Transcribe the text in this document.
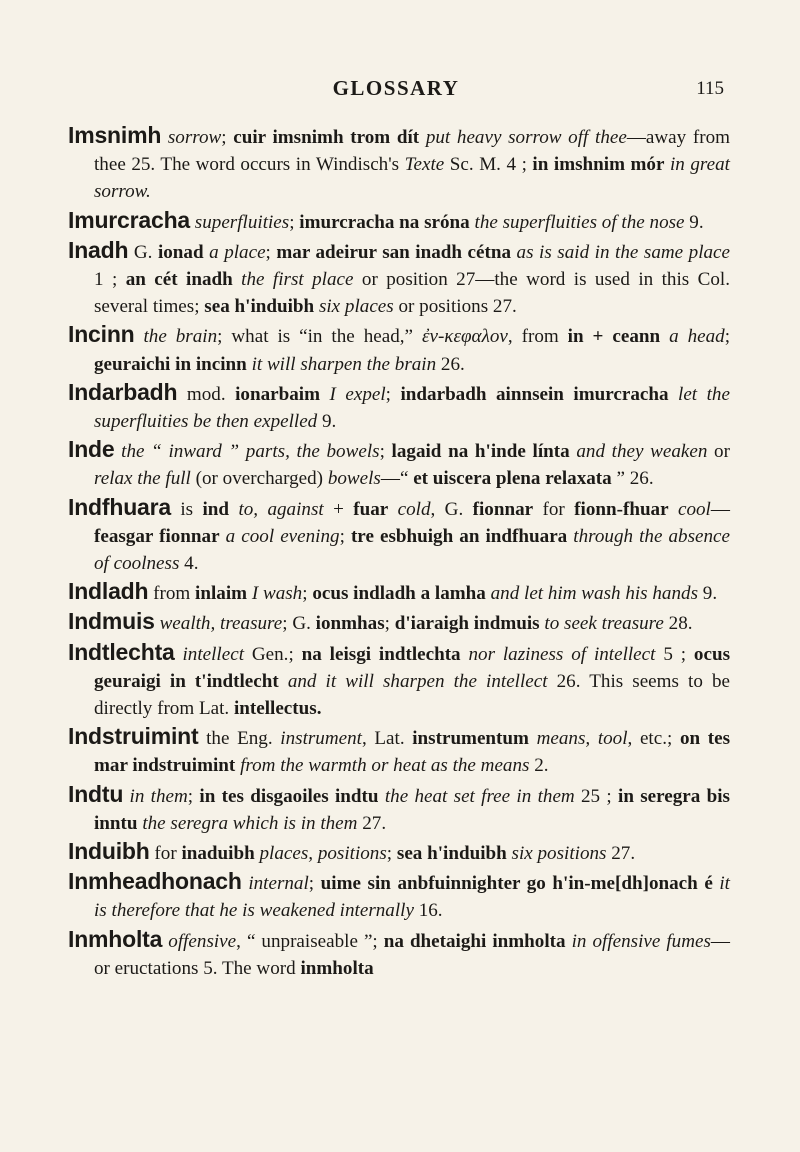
GLOSSARY	115

Imsnimh sorrow; cuir imsnimh trom dít put heavy sorrow off thee—away from thee 25. The word occurs in Windisch's Texte Sc. M. 4 ; in imshnim mór in great sorrow.

Imurcracha superfluities; imurcracha na sróna the superfluities of the nose 9.

Inadh G. ionad a place; mar adeirur san inadh cétna as is said in the same place 1 ; an cét inadh the first place or position 27—the word is used in this Col. several times; sea h'induibh six places or positions 27.

Incinn the brain; what is “in the head,” ἐν-κεφαλον, from in + ceann a head; geuraichi in incinn it will sharpen the brain 26.

Indarbadh mod. ionarbaim I expel; indarbadh ainnsein imurcracha let the superfluities be then expelled 9.

Inde the “ inward ” parts, the bowels; lagaid na h'inde línta and they weaken or relax the full (or overcharged) bowels—“ et uiscera plena relaxata ” 26.

Indfhuara is ind to, against + fuar cold, G. fionnar for fionn-fhuar cool—feasgar fionnar a cool evening; tre esbhuigh an indfhuara through the absence of coolness 4.

Indladh from inlaim I wash; ocus indladh a lamha and let him wash his hands 9.

Indmuis wealth, treasure; G. ionmhas; d'iaraigh indmuis to seek treasure 28.

Indtlechta intellect Gen.; na leisgi indtlechta nor laziness of intellect 5 ; ocus geuraigi in t'indtlecht and it will sharpen the intellect 26. This seems to be directly from Lat. intellectus.

Indstruimint the Eng. instrument, Lat. instrumentum means, tool, etc.; on tes mar indstruimint from the warmth or heat as the means 2.

Indtu in them; in tes disgaoiles indtu the heat set free in them 25 ; in seregra bis inntu the seregra which is in them 27.

Induibh for inaduibh places, positions; sea h'induibh six positions 27.

Inmheadhonach internal; uime sin anbfuinnighter go h'in-me[dh]onach é it is therefore that he is weakened internally 16.

Inmholta offensive, “ unpraiseable ”; na dhetaighi inmholta in offensive fumes—or eructations 5. The word inmholta
